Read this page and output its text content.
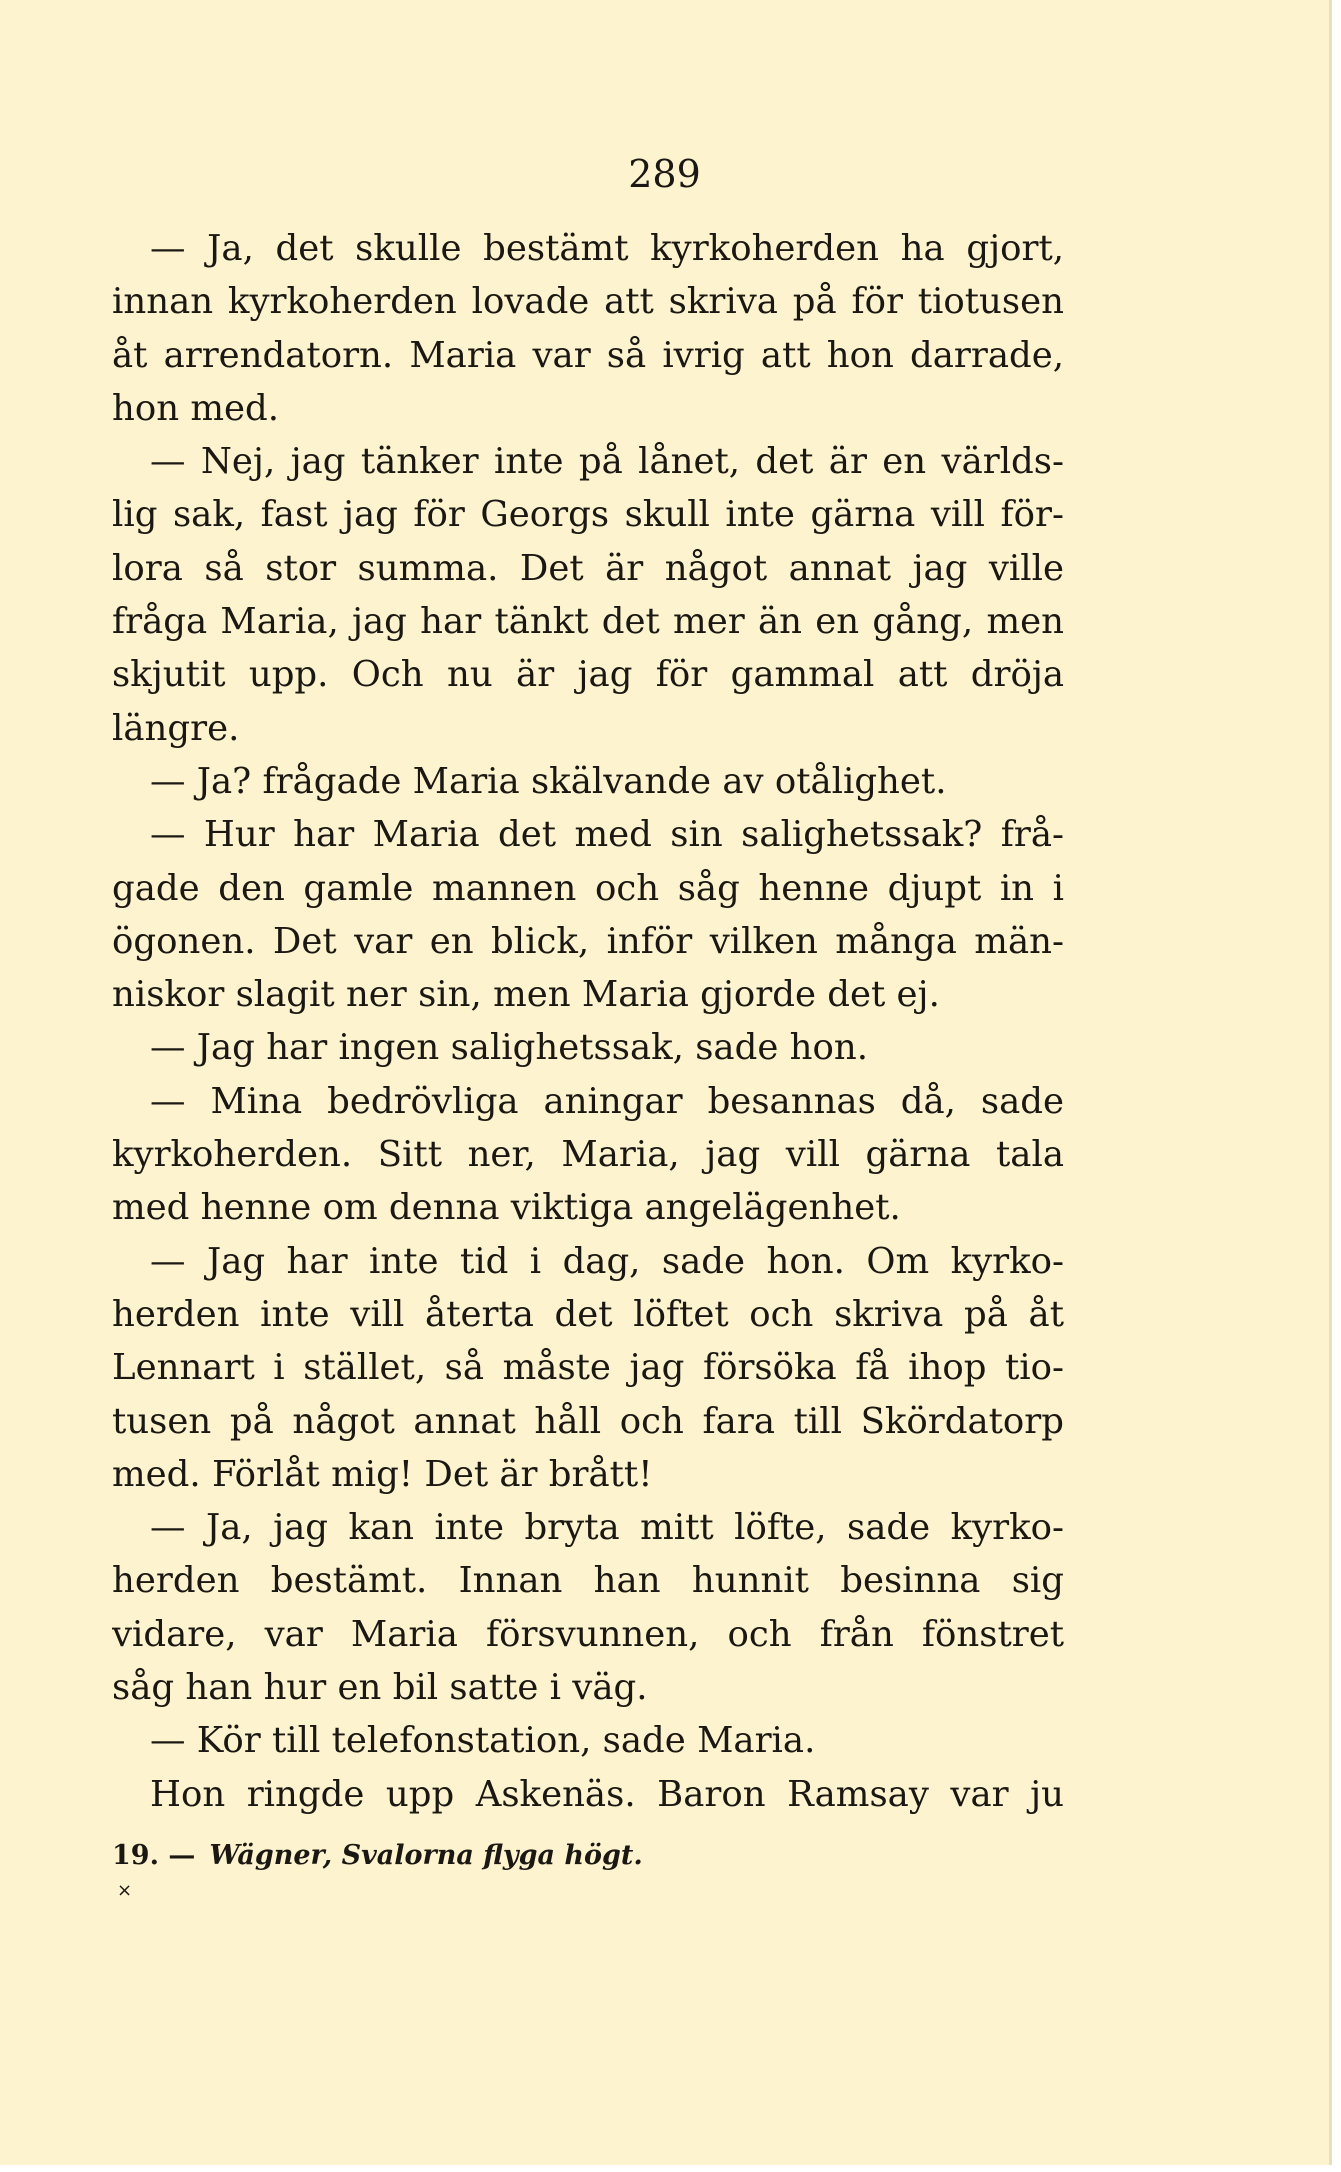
289
— Ja, det skulle bestämt kyrkoherden ha gjort,
innan kyrkoherden lovade att skriva på för tiotusen
åt arrendatorn. Maria var så ivrig att hon darrade,
hon med.
— Nej, jag tänker inte på lånet, det är en världs-
lig sak, fast jag för Georgs skull inte gärna vill för-
lora så stor summa. Det är något annat jag ville
fråga Maria, jag har tänkt det mer än en gång, men
skjutit upp. Och nu är jag för gammal att dröja
längre.
— Ja? frågade Maria skälvande av otålighet.
— Hur har Maria det med sin salighetssak? frå-
gade den gamle mannen och såg henne djupt in i
ögonen. Det var en blick, inför vilken många män-
niskor slagit ner sin, men Maria gjorde det ej.
— Jag har ingen salighetssak, sade hon.
— Mina bedrövliga aningar besannas då, sade
kyrkoherden. Sitt ner, Maria, jag vill gärna tala
med henne om denna viktiga angelägenhet.
— Jag har inte tid i dag, sade hon. Om kyrko-
herden inte vill återta det löftet och skriva på åt
Lennart i stället, så måste jag försöka få ihop tio-
tusen på något annat håll och fara till Skördatorp
med. Förlåt mig! Det är brått!
— Ja, jag kan inte bryta mitt löfte, sade kyrko-
herden bestämt. Innan han hunnit besinna sig
vidare, var Maria försvunnen, och från fönstret
såg han hur en bil satte i väg.
— Kör till telefonstation, sade Maria.
Hon ringde upp Askenäs. Baron Ramsay var ju
19. — Wägner, Svalorna flyga högt.
×
